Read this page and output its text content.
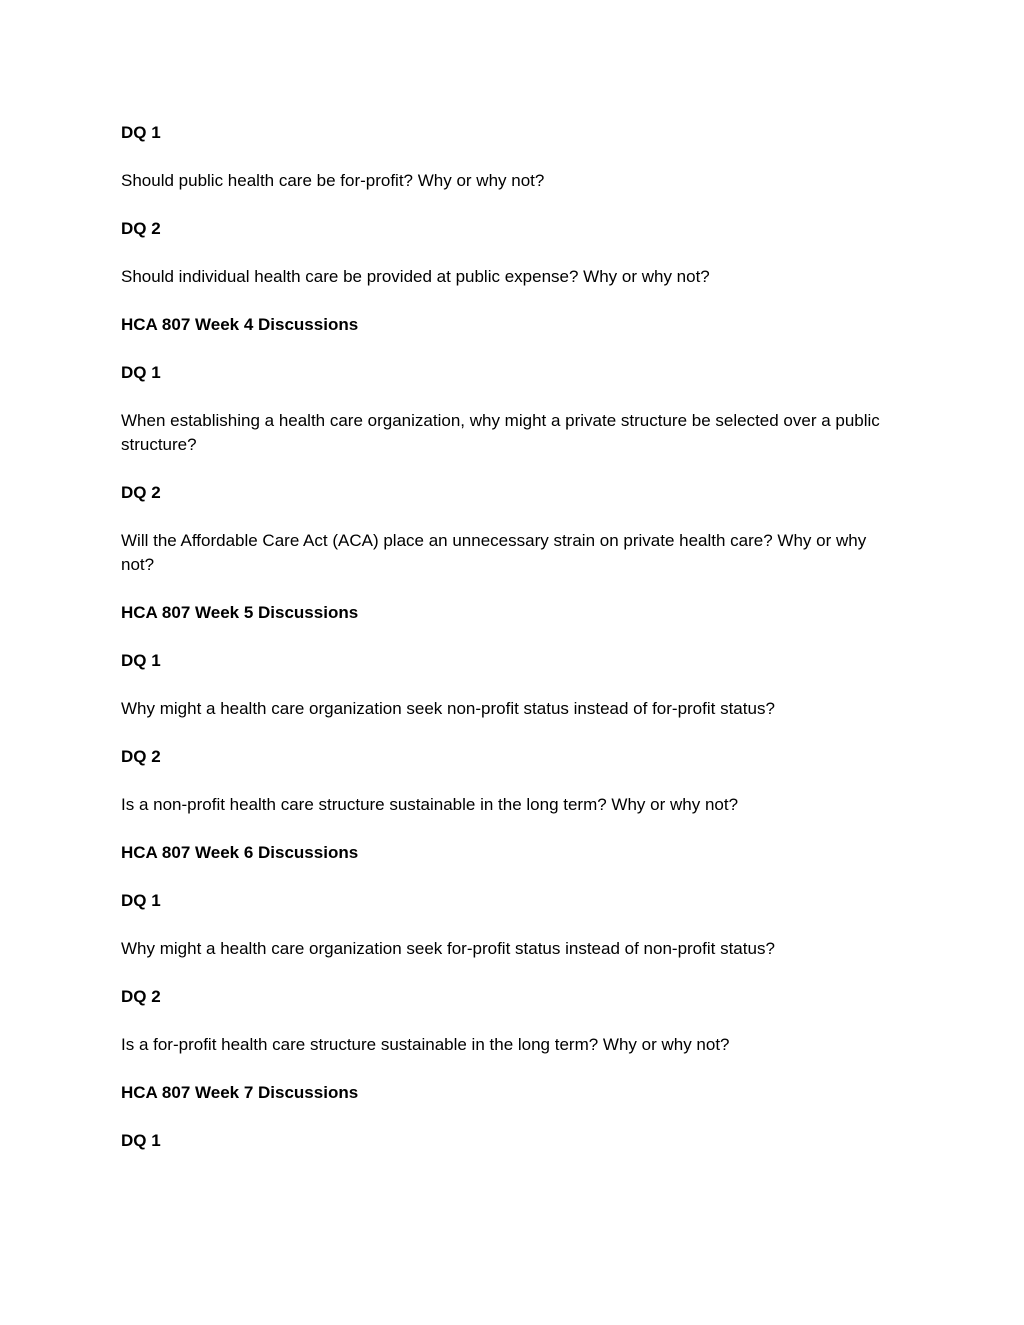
DQ 1

Should public health care be for-profit? Why or why not?

DQ 2

Should individual health care be provided at public expense? Why or why not?

HCA 807 Week 4 Discussions

DQ 1

When establishing a health care organization, why might a private structure be selected over a public structure?

DQ 2

Will the Affordable Care Act (ACA) place an unnecessary strain on private health care? Why or why not?

HCA 807 Week 5 Discussions

DQ 1

Why might a health care organization seek non-profit status instead of for-profit status?

DQ 2

Is a non-profit health care structure sustainable in the long term? Why or why not?

HCA 807 Week 6 Discussions

DQ 1

Why might a health care organization seek for-profit status instead of non-profit status?

DQ 2

Is a for-profit health care structure sustainable in the long term? Why or why not?

HCA 807 Week 7 Discussions

DQ 1
